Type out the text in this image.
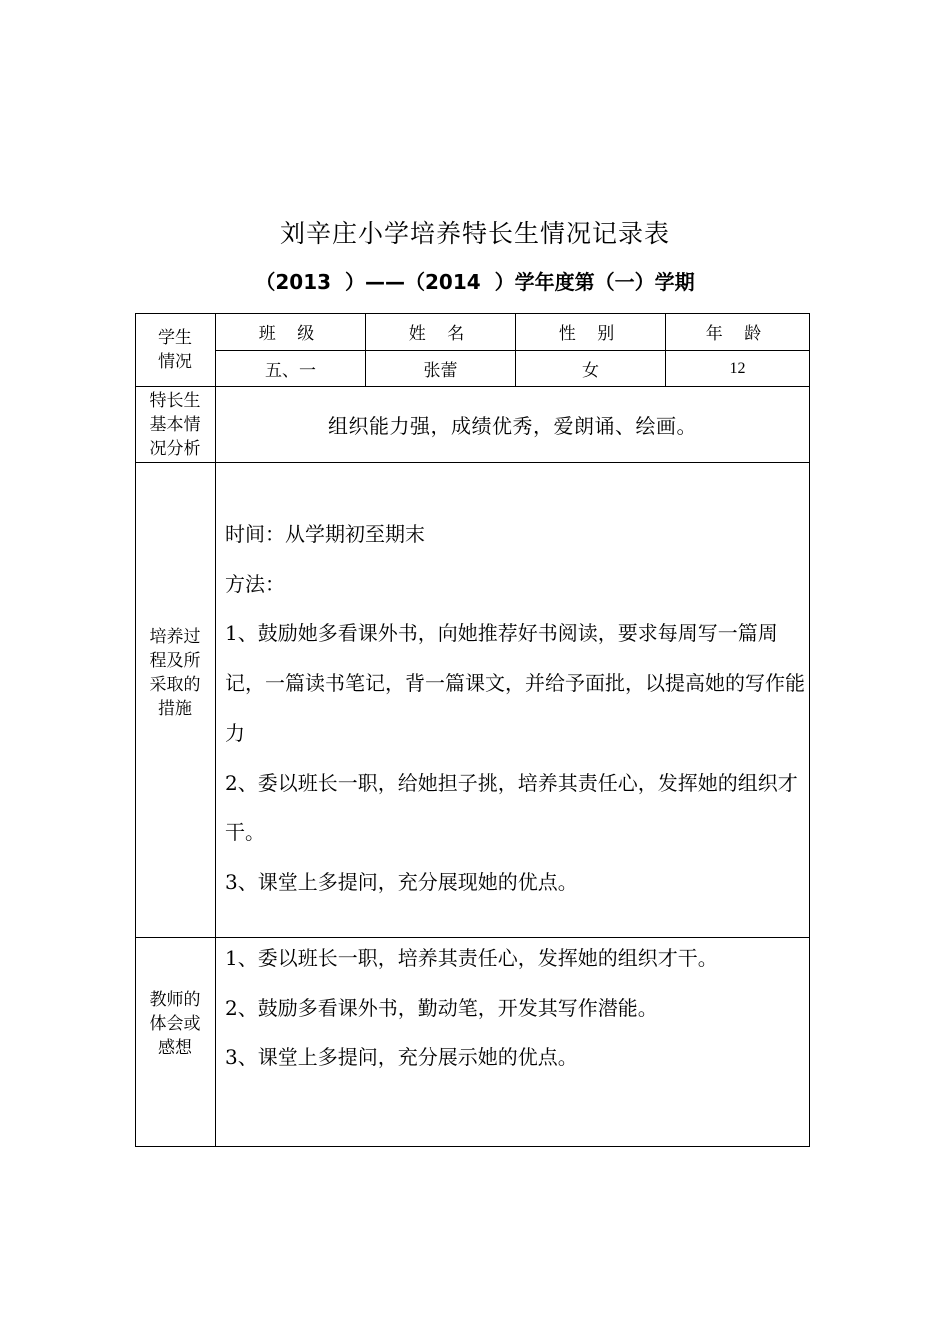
刘辛庄小学培养特长生情况记录表
（2013  ）——（2014  ）学年度第（一）学期
学生
情况
班 级	姓 名	性 别	年 龄
五、一	张蕾	女	12
特长生
基本情
况分析
组织能力强，成绩优秀，爱朗诵、绘画。
培养过
程及所
采取的
措施

时间：从学期初至期末

方法：

1、鼓励她多看课外书，向她推荐好书阅读，要求每周写一篇周记，一篇读书笔记，背一篇课文，并给予面批，以提高她的写作能力

2、委以班长一职，给她担子挑，培养其责任心，发挥她的组织才干。

3、课堂上多提问，充分展现她的优点。

教师的
体会或
感想

1、委以班长一职，培养其责任心，发挥她的组织才干。

2、鼓励多看课外书，勤动笔，开发其写作潜能。

3、课堂上多提问，充分展示她的优点。
